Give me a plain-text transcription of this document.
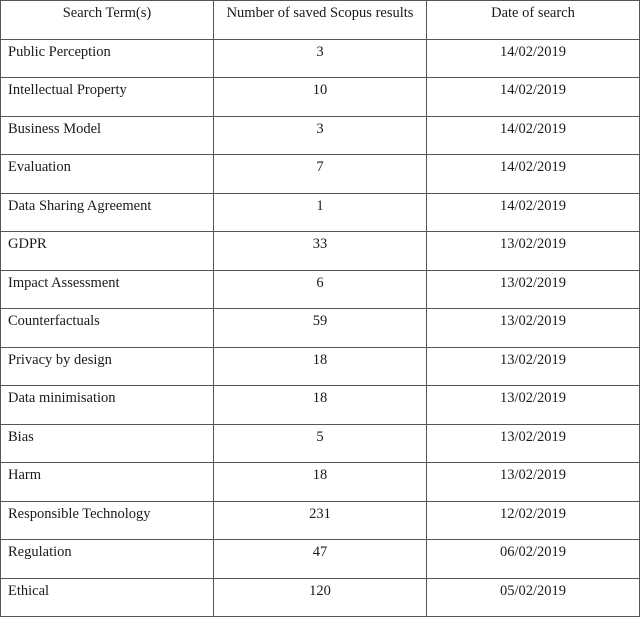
Search Term(s)	Number of saved Scopus results	Date of search
Public Perception	3	14/02/2019
Intellectual Property	10	14/02/2019
Business Model	3	14/02/2019
Evaluation	7	14/02/2019
Data Sharing Agreement	1	14/02/2019
GDPR	33	13/02/2019
Impact Assessment	6	13/02/2019
Counterfactuals	59	13/02/2019
Privacy by design	18	13/02/2019
Data minimisation	18	13/02/2019
Bias	5	13/02/2019
Harm	18	13/02/2019
Responsible Technology	231	12/02/2019
Regulation	47	06/02/2019
Ethical	120	05/02/2019
